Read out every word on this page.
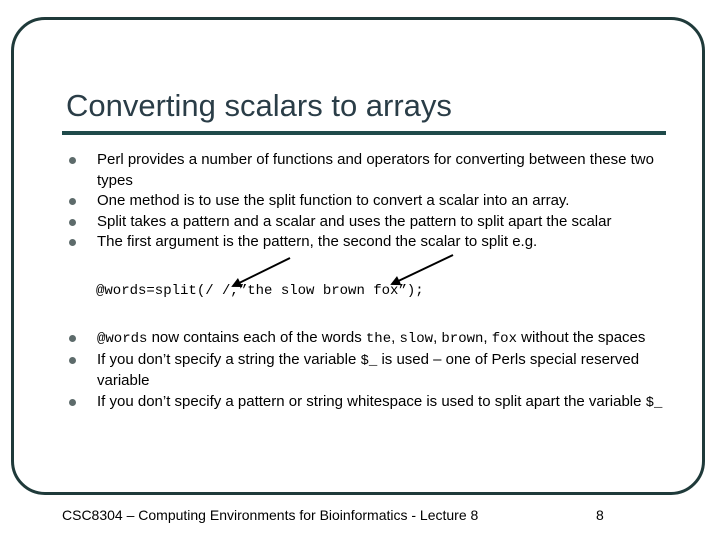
Converting scalars to arrays
Perl provides a number of functions and operators for converting between these two types
One method is to use the split function to convert a scalar into an array.
Split takes a pattern and a scalar and uses the pattern to split apart the scalar
The first argument is the pattern, the second the scalar to split e.g.
@words=split(/ /,”the slow brown fox”);
@words now contains each of the words the, slow, brown, fox without the spaces
If you don’t specify a string the variable $_ is used – one of Perls special reserved variable
If you don’t specify a pattern or string whitespace is used to split apart the variable $_
CSC8304 – Computing Environments for Bioinformatics - Lecture 8	8
